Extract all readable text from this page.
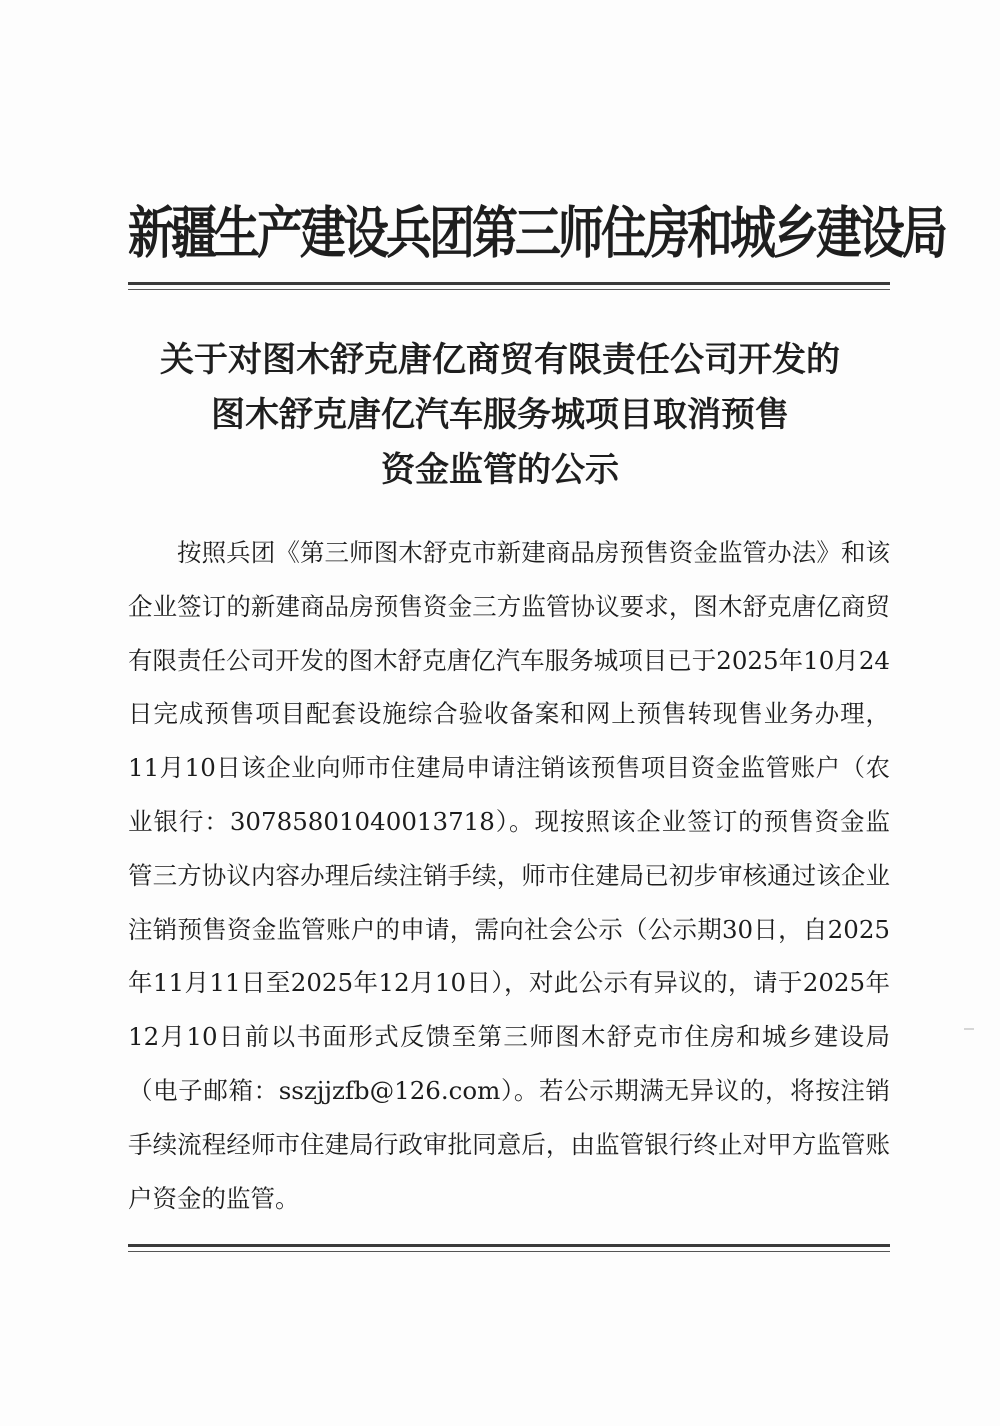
新疆生产建设兵团第三师住房和城乡建设局
关于对图木舒克唐亿商贸有限责任公司开发的
图木舒克唐亿汽车服务城项目取消预售
资金监管的公示

按照兵团《第三师图木舒克市新建商品房预售资金监管办法》和该企业签订的新建商品房预售资金三方监管协议要求，图木舒克唐亿商贸有限责任公司开发的图木舒克唐亿汽车服务城项目已于2025年10月24日完成预售项目配套设施综合验收备案和网上预售转现售业务办理，11月10日该企业向师市住建局申请注销该预售项目资金监管账户（农业银行：30785801040013718）。现按照该企业签订的预售资金监管三方协议内容办理后续注销手续，师市住建局已初步审核通过该企业注销预售资金监管账户的申请，需向社会公示（公示期30日，自2025年11月11日至2025年12月10日），对此公示有异议的，请于2025年12月10日前以书面形式反馈至第三师图木舒克市住房和城乡建设局（电子邮箱：sszjjzfb@126.com）。若公示期满无异议的，将按注销手续流程经师市住建局行政审批同意后，由监管银行终止对甲方监管账户资金的监管。
